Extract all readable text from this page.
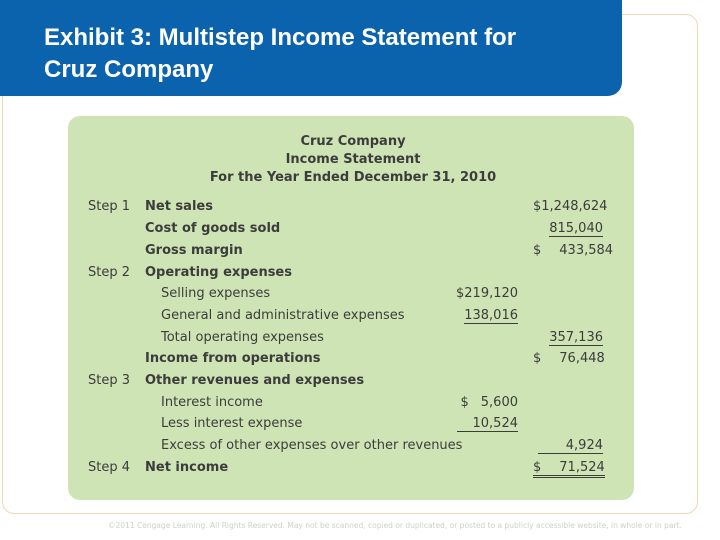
Exhibit 3: Multistep Income Statement for
Cruz Company
Cruz Company
Income Statement
For the Year Ended December 31, 2010
Step 1 Net sales	$1,248,624
Cost of goods sold	815,040
Gross margin	$ 433,584
Step 2 Operating expenses
Selling expenses	$219,120
General and administrative expenses	138,016
Total operating expenses	357,136
Income from operations	$ 76,448
Step 3 Other revenues and expenses
Interest income	$ 5,600
Less interest expense	10,524
Excess of other expenses over other revenues	4,924
Step 4 Net income	$ 71,524
©2011 Cengage Learning. All Rights Reserved. May not be scanned, copied or duplicated, or posted to a publicly accessible website, in whole or in part.
